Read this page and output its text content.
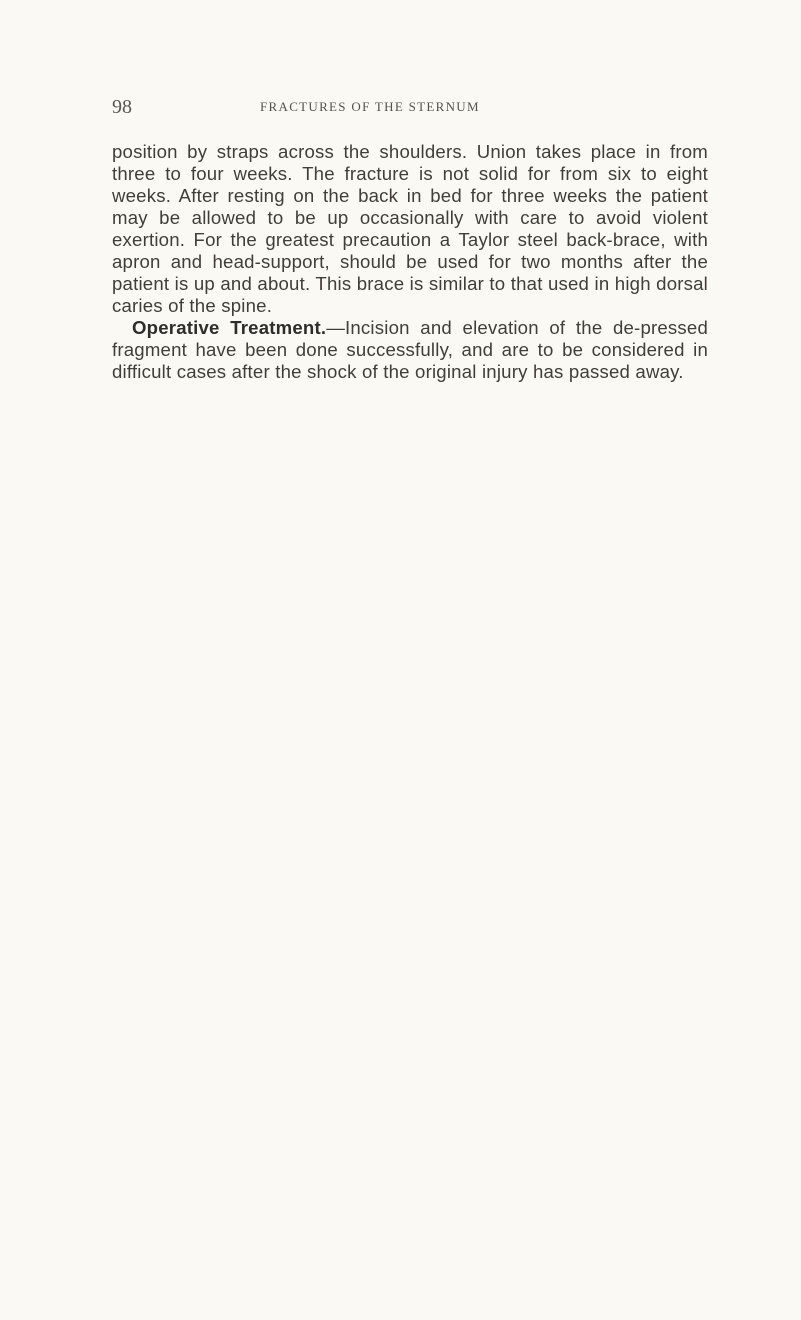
98	FRACTURES OF THE STERNUM

position by straps across the shoulders. Union takes place in from three to four weeks. The fracture is not solid for from six to eight weeks. After resting on the back in bed for three weeks the patient may be allowed to be up occasionally with care to avoid violent exertion. For the greatest precaution a Taylor steel back-brace, with apron and head-support, should be used for two months after the patient is up and about. This brace is similar to that used in high dorsal caries of the spine.

Operative Treatment.—Incision and elevation of the de-pressed fragment have been done successfully, and are to be considered in difficult cases after the shock of the original injury has passed away.
